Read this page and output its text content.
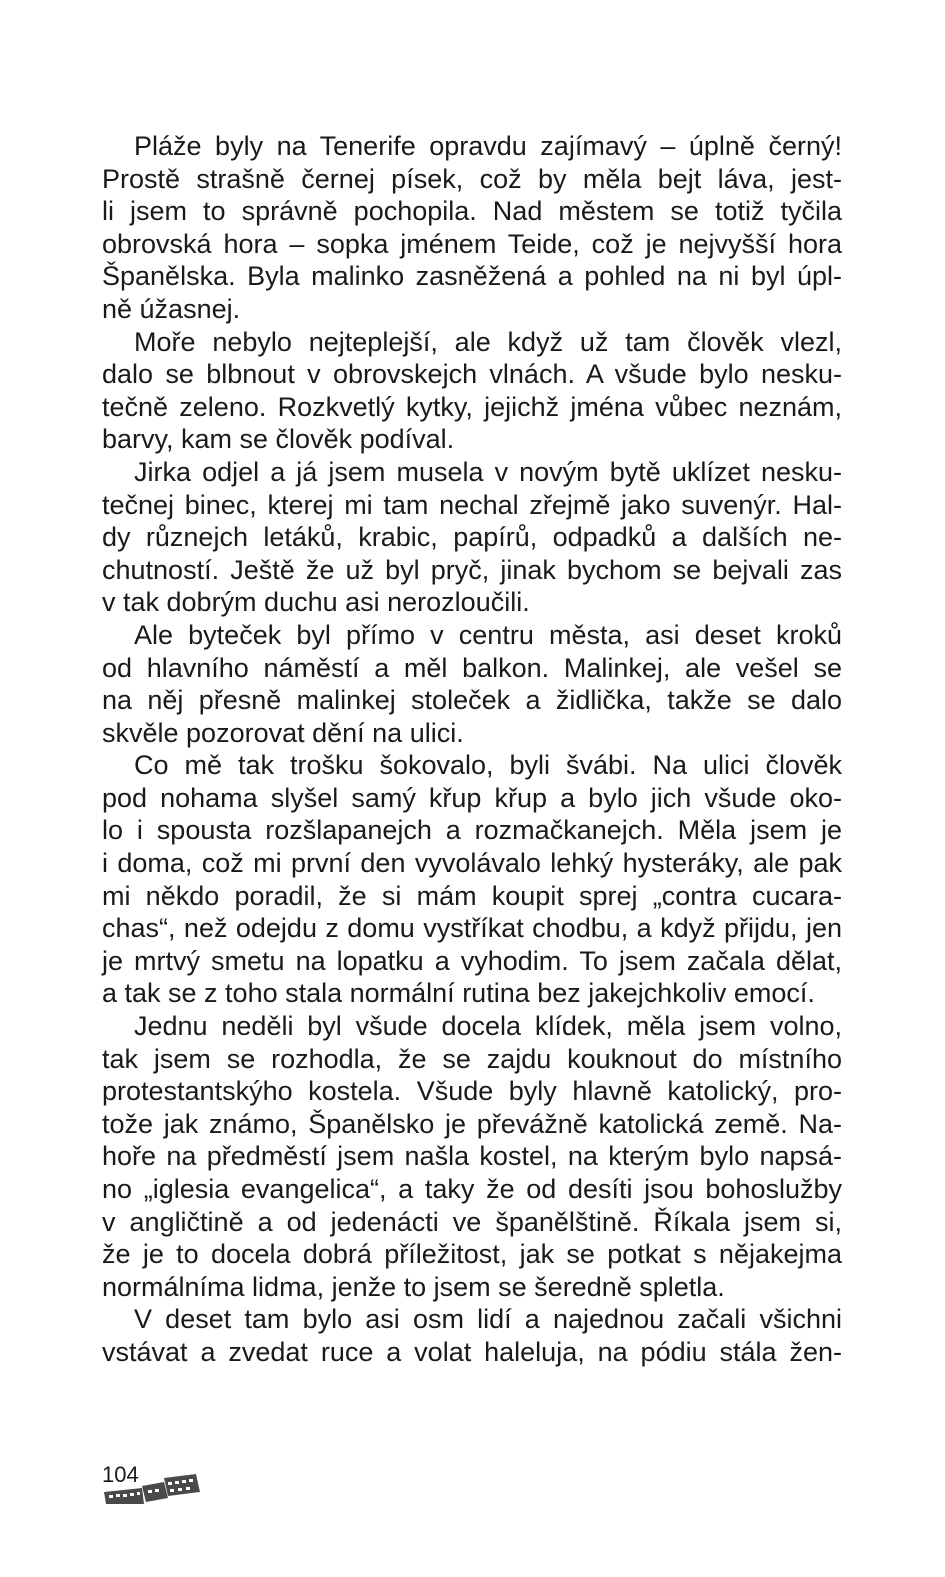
Pláže byly na Tenerife opravdu zajímavý – úplně černý!
Prostě strašně černej písek, což by měla bejt láva, jest-
li jsem to správně pochopila. Nad městem se totiž tyčila
obrovská hora – sopka jménem Teide, což je nejvyšší hora
Španělska. Byla malinko zasněžená a pohled na ni byl úpl-
ně úžasnej.
Moře nebylo nejteplejší, ale když už tam člověk vlezl,
dalo se blbnout v obrovskejch vlnách. A všude bylo nesku-
tečně zeleno. Rozkvetlý kytky, jejichž jména vůbec neznám,
barvy, kam se člověk podíval.
Jirka odjel a já jsem musela v novým bytě uklízet nesku-
tečnej binec, kterej mi tam nechal zřejmě jako suvenýr. Hal-
dy různejch letáků, krabic, papírů, odpadků a dalších ne-
chutností. Ještě že už byl pryč, jinak bychom se bejvali zas
v tak dobrým duchu asi nerozloučili.
Ale byteček byl přímo v centru města, asi deset kroků
od hlavního náměstí a měl balkon. Malinkej, ale vešel se
na něj přesně malinkej stoleček a židlička, takže se dalo
skvěle pozorovat dění na ulici.
Co mě tak trošku šokovalo, byli švábi. Na ulici člověk
pod nohama slyšel samý křup křup a bylo jich všude oko-
lo i spousta rozšlapanejch a rozmačkanejch. Měla jsem je
i doma, což mi první den vyvolávalo lehký hysteráky, ale pak
mi někdo poradil, že si mám koupit sprej „contra cucara-
chas“, než odejdu z domu vystříkat chodbu, a když přijdu, jen
je mrtvý smetu na lopatku a vyhodim. To jsem začala dělat,
a tak se z toho stala normální rutina bez jakejchkoliv emocí.
Jednu neděli byl všude docela klídek, měla jsem volno,
tak jsem se rozhodla, že se zajdu kouknout do místního
protestantskýho kostela. Všude byly hlavně katolický, pro-
tože jak známo, Španělsko je převážně katolická země. Na-
hoře na předměstí jsem našla kostel, na kterým bylo napsá-
no „iglesia evangelica“, a taky že od desíti jsou bohoslužby
v angličtině a od jedenácti ve španělštině. Říkala jsem si,
že je to docela dobrá příležitost, jak se potkat s nějakejma
normálníma lidma, jenže to jsem se šeredně spletla.
V deset tam bylo asi osm lidí a najednou začali všichni
vstávat a zvedat ruce a volat haleluja, na pódiu stála žen-
104
